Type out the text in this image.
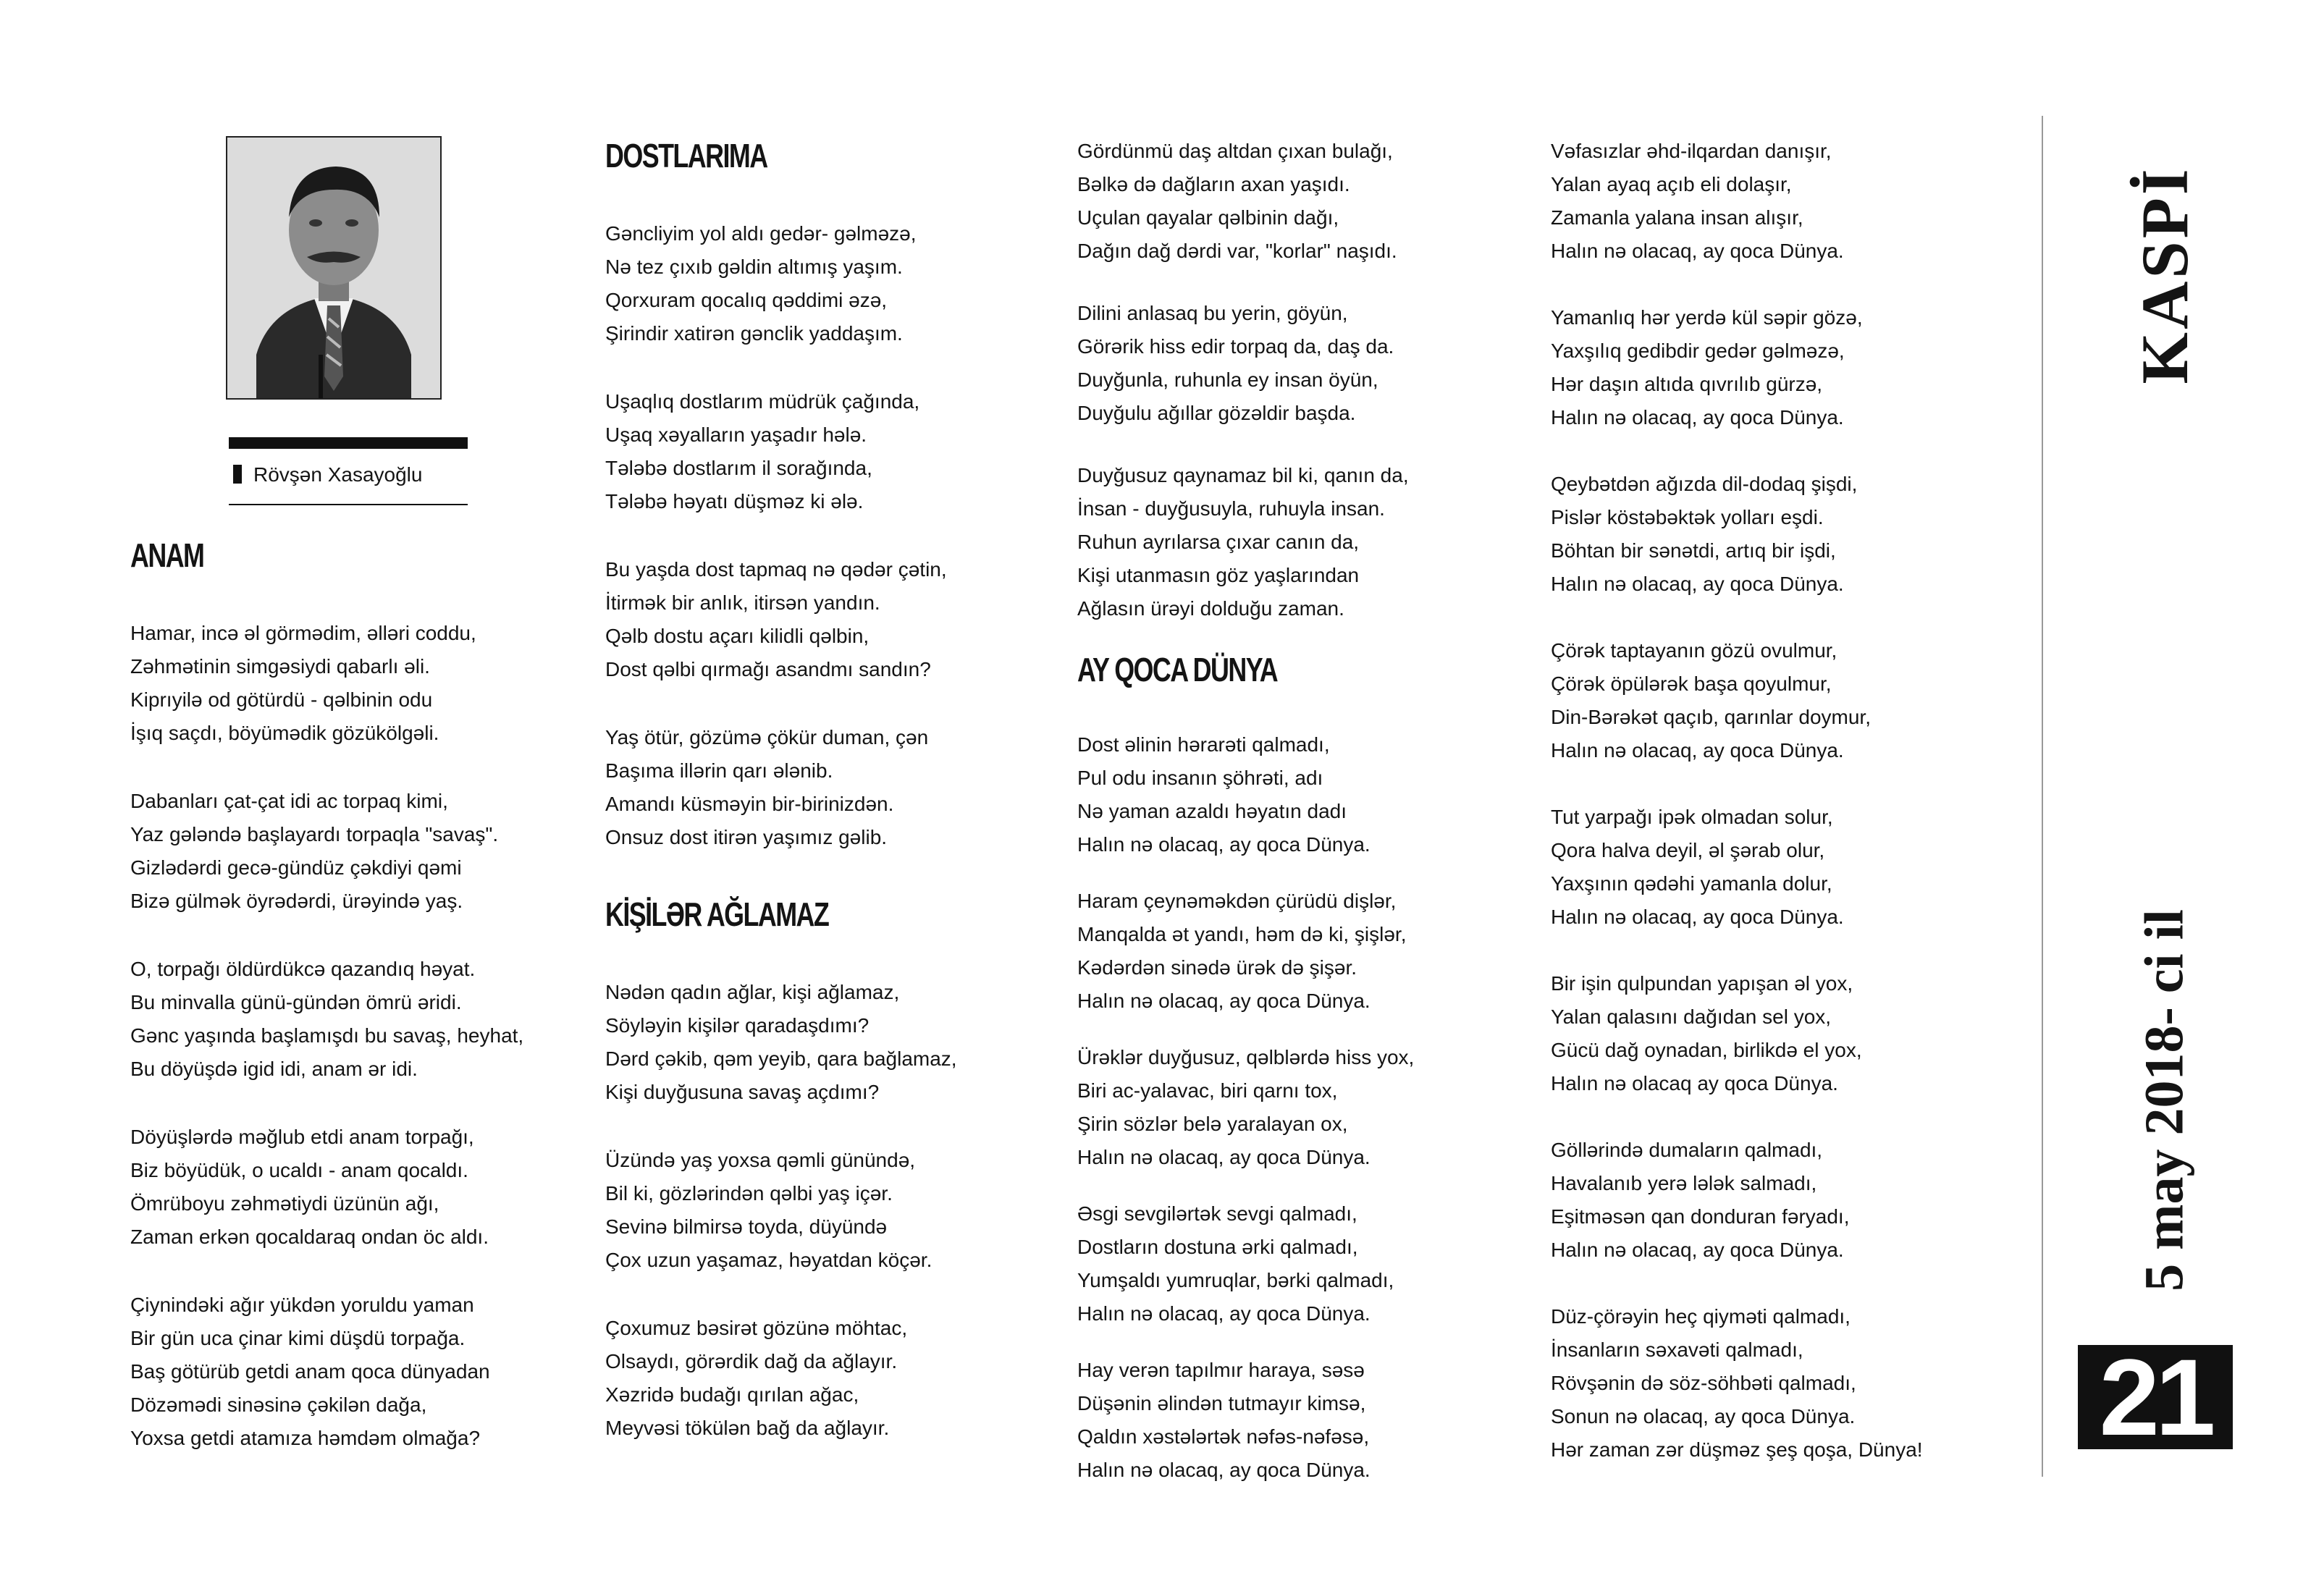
Rövşən Xasayoğlu
ANAM
Hamar, incə əl görmədim, əlləri coddu,
Zəhmətinin simgəsiydi qabarlı əli.
Kiprıyilə od götürdü - qəlbinin odu
İşıq saçdı, böyümədik gözükölgəli.
Dabanları çat-çat idi ac torpaq kimi,
Yaz gələndə başlayardı torpaqla "savaş".
Gizlədərdi gecə-gündüz çəkdiyi qəmi
Bizə gülmək öyrədərdi, ürəyində yaş.
O, torpağı öldürdükcə qazandıq həyat.
Bu minvalla günü-gündən ömrü əridi.
Gənc yaşında başlamışdı bu savaş, heyhat,
Bu döyüşdə igid idi, anam ər idi.
Döyüşlərdə məğlub etdi anam torpağı,
Biz böyüdük, o ucaldı - anam qocaldı.
Ömrüboyu zəhmətiydi üzünün ağı,
Zaman erkən qocaldaraq ondan öc aldı.
Çiynindəki ağır yükdən yoruldu yaman
Bir gün uca çinar kimi düşdü torpağa.
Baş götürüb getdi anam qoca dünyadan
Dözəmədi sinəsinə çəkilən dağa,
Yoxsa getdi atamıza həmdəm olmağa?
DOSTLARIMA
Gəncliyim yol aldı gedər- gəlməzə,
Nə tez çıxıb gəldin altımış yaşım.
Qorxuram qocalıq qəddimi əzə,
Şirindir xatirən gənclik yaddaşım.
Uşaqlıq dostlarım müdrük çağında,
Uşaq xəyalların yaşadır hələ.
Tələbə dostlarım il sorağında,
Tələbə həyatı düşməz ki ələ.
Bu yaşda dost tapmaq nə qədər çətin,
İtirmək bir anlık, itirsən yandın.
Qəlb dostu açarı kilidli qəlbin,
Dost qəlbi qırmağı asandmı sandın?
Yaş ötür, gözümə çökür duman, çən
Başıma illərin qarı ələnib.
Amandı küsməyin bir-birinizdən.
Onsuz dost itirən yaşımız gəlib.
KİŞİLƏR AĞLAMAZ
Nədən qadın ağlar, kişi ağlamaz,
Söyləyin kişilər qaradaşdımı?
Dərd çəkib, qəm yeyib, qara bağlamaz,
Kişi duyğusuna savaş açdımı?
Üzündə yaş yoxsa qəmli günündə,
Bil ki, gözlərindən qəlbi yaş içər.
Sevinə bilmirsə toyda, düyündə
Çox uzun yaşamaz, həyatdan köçər.
Çoxumuz bəsirət gözünə möhtac,
Olsaydı, görərdik dağ da ağlayır.
Xəzridə budağı qırılan ağac,
Meyvəsi tökülən bağ da ağlayır.
Gördünmü daş altdan çıxan bulağı,
Bəlkə də dağların axan yaşıdı.
Uçulan qayalar qəlbinin dağı,
Dağın dağ dərdi var, "korlar" naşıdı.
Dilini anlasaq bu yerin, göyün,
Görərik hiss edir torpaq da, daş da.
Duyğunla, ruhunla ey insan öyün,
Duyğulu ağıllar gözəldir başda.
Duyğusuz qaynamaz bil ki, qanın da,
İnsan - duyğusuyla, ruhuyla insan.
Ruhun ayrılarsa çıxar canın da,
Kişi utanmasın göz yaşlarından
Ağlasın ürəyi dolduğu zaman.
AY QOCA DÜNYA
Dost əlinin hərarəti qalmadı,
Pul odu insanın şöhrəti, adı
Nə yaman azaldı həyatın dadı
Halın nə olacaq, ay qoca Dünya.
Haram çeynəməkdən çürüdü dişlər,
Manqalda ət yandı, həm də ki, şişlər,
Kədərdən sinədə ürək də şişər.
Halın nə olacaq, ay qoca Dünya.
Ürəklər duyğusuz, qəlblərdə hiss yox,
Biri ac-yalavac, biri qarnı tox,
Şirin sözlər belə yaralayan ox,
Halın nə olacaq, ay qoca Dünya.
Əsgi sevgilərtək sevgi qalmadı,
Dostların dostuna ərki qalmadı,
Yumşaldı yumruqlar, bərki qalmadı,
Halın nə olacaq, ay qoca Dünya.
Hay verən tapılmır haraya, səsə
Düşənin əlindən tutmayır kimsə,
Qaldın xəstələrtək nəfəs-nəfəsə,
Halın nə olacaq, ay qoca Dünya.
Vəfasızlar əhd-ilqardan danışır,
Yalan ayaq açıb eli dolaşır,
Zamanla yalana insan alışır,
Halın nə olacaq, ay qoca Dünya.
Yamanlıq hər yerdə kül səpir gözə,
Yaxşılıq gedibdir gedər gəlməzə,
Hər daşın altıda qıvrılıb gürzə,
Halın nə olacaq, ay qoca Dünya.
Qeybətdən ağızda dil-dodaq şişdi,
Pislər köstəbəktək yolları eşdi.
Böhtan bir sənətdi, artıq bir işdi,
Halın nə olacaq, ay qoca Dünya.
Çörək taptayanın gözü ovulmur,
Çörək öpülərək başa qoyulmur,
Din-Bərəkət qaçıb, qarınlar doymur,
Halın nə olacaq, ay qoca Dünya.
Tut yarpağı ipək olmadan solur,
Qora halva deyil, əl şərab olur,
Yaxşının qədəhi yamanla dolur,
Halın nə olacaq, ay qoca Dünya.
Bir işin qulpundan yapışan əl yox,
Yalan qalasını dağıdan sel yox,
Gücü dağ oynadan, birlikdə el yox,
Halın nə olacaq ay qoca Dünya.
Göllərində dumaların qalmadı,
Havalanıb yerə lələk salmadı,
Eşitməsən qan donduran fəryadı,
Halın nə olacaq, ay qoca Dünya.
Düz-çörəyin heç qiyməti qalmadı,
İnsanların səxavəti qalmadı,
Rövşənin də söz-söhbəti qalmadı,
Sonun nə olacaq, ay qoca Dünya.
Hər zaman zər düşməz şeş qoşa, Dünya!
KASPİ
5 may 2018- ci il
21
